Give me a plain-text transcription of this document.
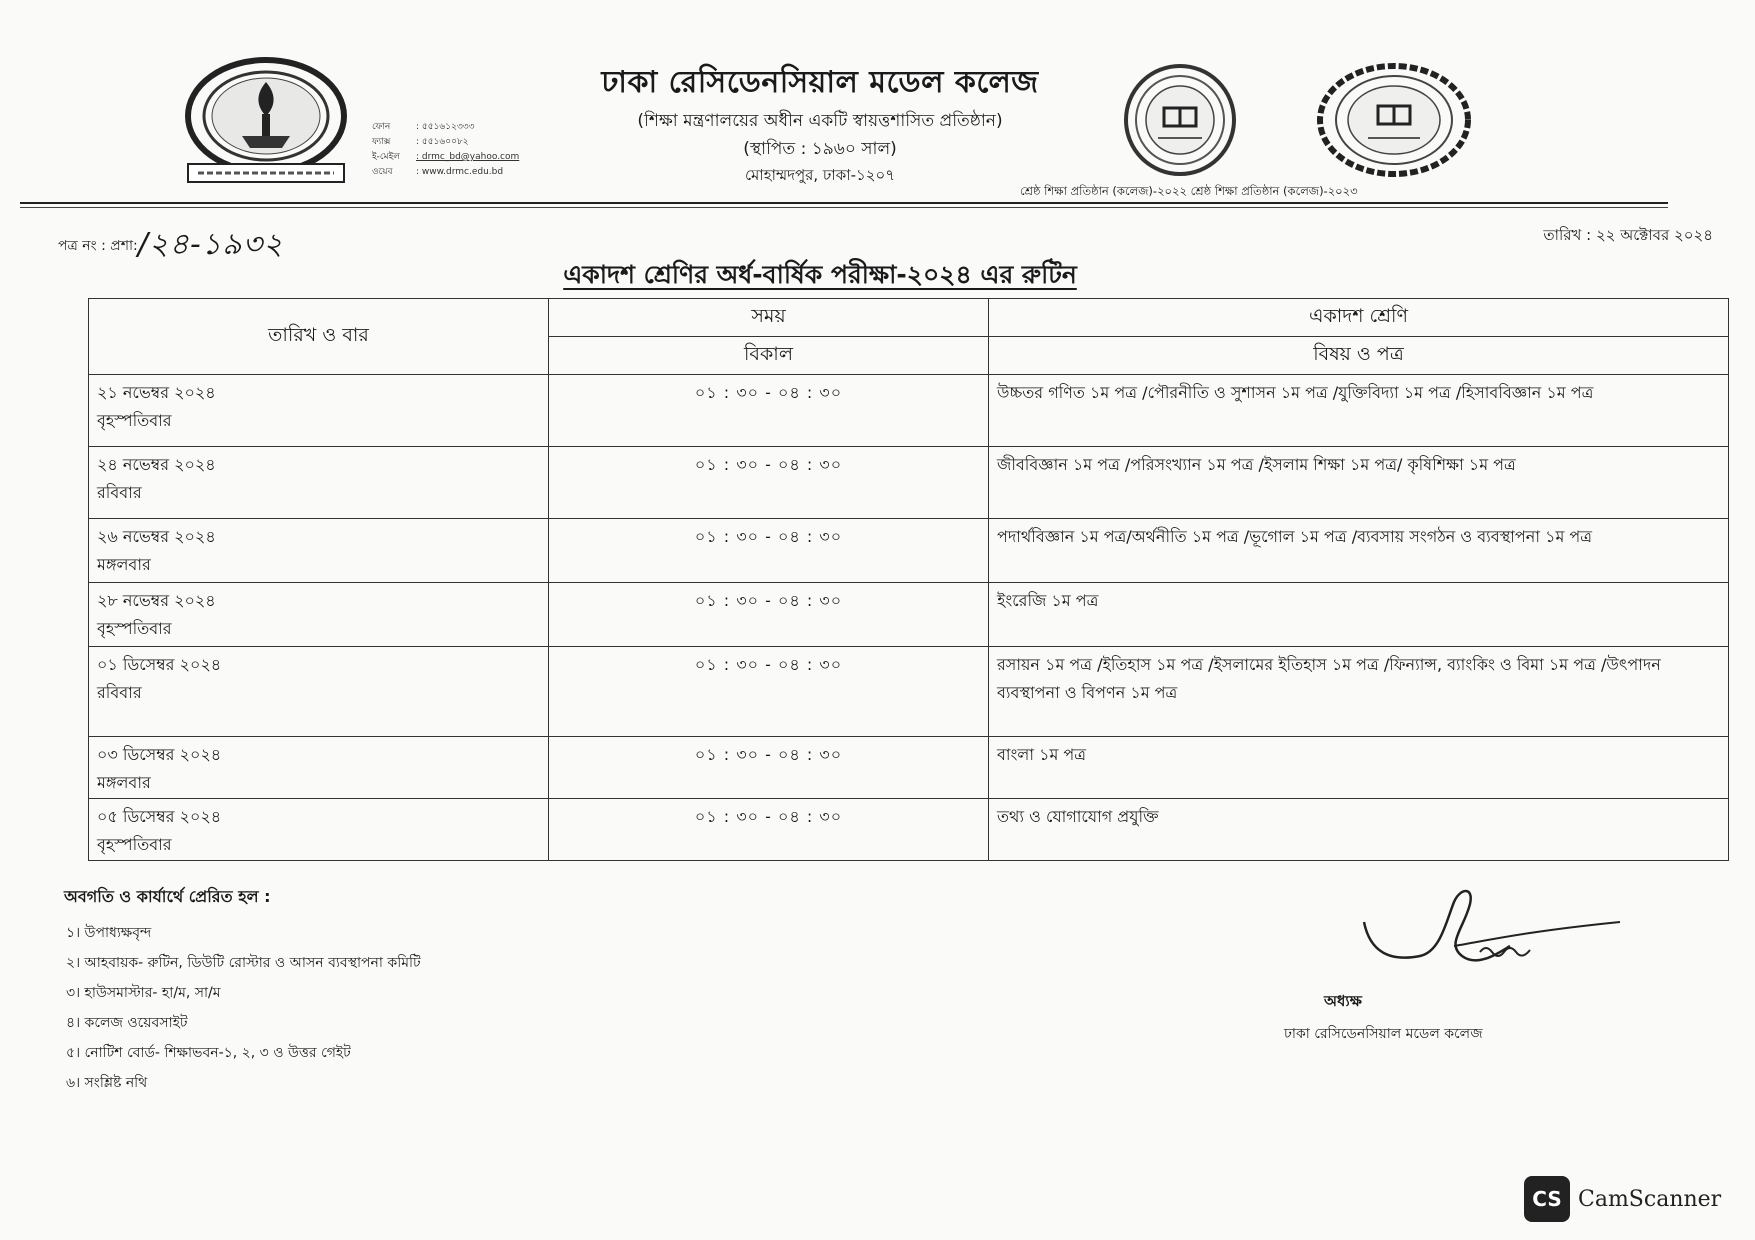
ফোন	: ৫৫১৬১২৩৩৩
ফ্যাক্স	: ৫৫১৬০০৮২
ই-মেইল : drmc_bd@yahoo.com
ওয়েব	: www.drmc.edu.bd
ঢাকা রেসিডেনসিয়াল মডেল কলেজ
(শিক্ষা মন্ত্রণালয়ের অধীন একটি স্বায়ত্তশাসিত প্রতিষ্ঠান)
(স্থাপিত : ১৯৬০ সাল)
মোহাম্মদপুর, ঢাকা-১২০৭
শ্রেষ্ঠ শিক্ষা প্রতিষ্ঠান (কলেজ)-২০২২ শ্রেষ্ঠ শিক্ষা প্রতিষ্ঠান (কলেজ)-২০২৩
পত্র নং : প্রশা:/২৪-১৯৩২	তারিখ : ২২ অক্টোবর ২০২৪
একাদশ শ্রেণির অর্ধ-বার্ষিক পরীক্ষা-২০২৪ এর রুটিন
তারিখ ও বার	সময়	একাদশ শ্রেণি
	বিকাল	বিষয় ও পত্র

২১ নভেম্বর ২০২৪
বৃহস্পতিবার	০১ : ৩০ - ০৪ : ৩০	উচ্চতর গণিত ১ম পত্র /পৌরনীতি ও সুশাসন ১ম পত্র /যুক্তিবিদ্যা ১ম পত্র /হিসাববিজ্ঞান ১ম পত্র

২৪ নভেম্বর ২০২৪
রবিবার	০১ : ৩০ - ০৪ : ৩০	জীববিজ্ঞান ১ম পত্র /পরিসংখ্যান ১ম পত্র /ইসলাম শিক্ষা ১ম পত্র/ কৃষিশিক্ষা ১ম পত্র

২৬ নভেম্বর ২০২৪
মঙ্গলবার	০১ : ৩০ - ০৪ : ৩০	পদার্থবিজ্ঞান ১ম পত্র/অর্থনীতি ১ম পত্র /ভূগোল ১ম পত্র /ব্যবসায় সংগঠন ও ব্যবস্থাপনা ১ম পত্র

২৮ নভেম্বর ২০২৪
বৃহস্পতিবার	০১ : ৩০ - ০৪ : ৩০	ইংরেজি ১ম পত্র

০১ ডিসেম্বর ২০২৪
রবিবার	০১ : ৩০ - ০৪ : ৩০	রসায়ন ১ম পত্র /ইতিহাস ১ম পত্র /ইসলামের ইতিহাস ১ম পত্র /ফিন্যান্স, ব্যাংকিং ও বিমা ১ম পত্র /উৎপাদন ব্যবস্থাপনা ও বিপণন ১ম পত্র

০৩ ডিসেম্বর ২০২৪
মঙ্গলবার	০১ : ৩০ - ০৪ : ৩০	বাংলা ১ম পত্র

০৫ ডিসেম্বর ২০২৪
বৃহস্পতিবার	০১ : ৩০ - ০৪ : ৩০	তথ্য ও যোগাযোগ প্রযুক্তি
অবগতি ও কার্যার্থে প্রেরিত হল :
১। উপাধ্যক্ষবৃন্দ
২। আহবায়ক- রুটিন, ডিউটি রোস্টার ও আসন ব্যবস্থাপনা কমিটি
৩। হাউসমাস্টার- হা/ম, সা/ম
৪। কলেজ ওয়েবসাইট
৫। নোটিশ বোর্ড- শিক্ষাভবন-১, ২, ৩ ও উত্তর গেইট
৬। সংশ্লিষ্ট নথি
অধ্যক্ষ
ঢাকা রেসিডেনসিয়াল মডেল কলেজ
CS CamScanner
